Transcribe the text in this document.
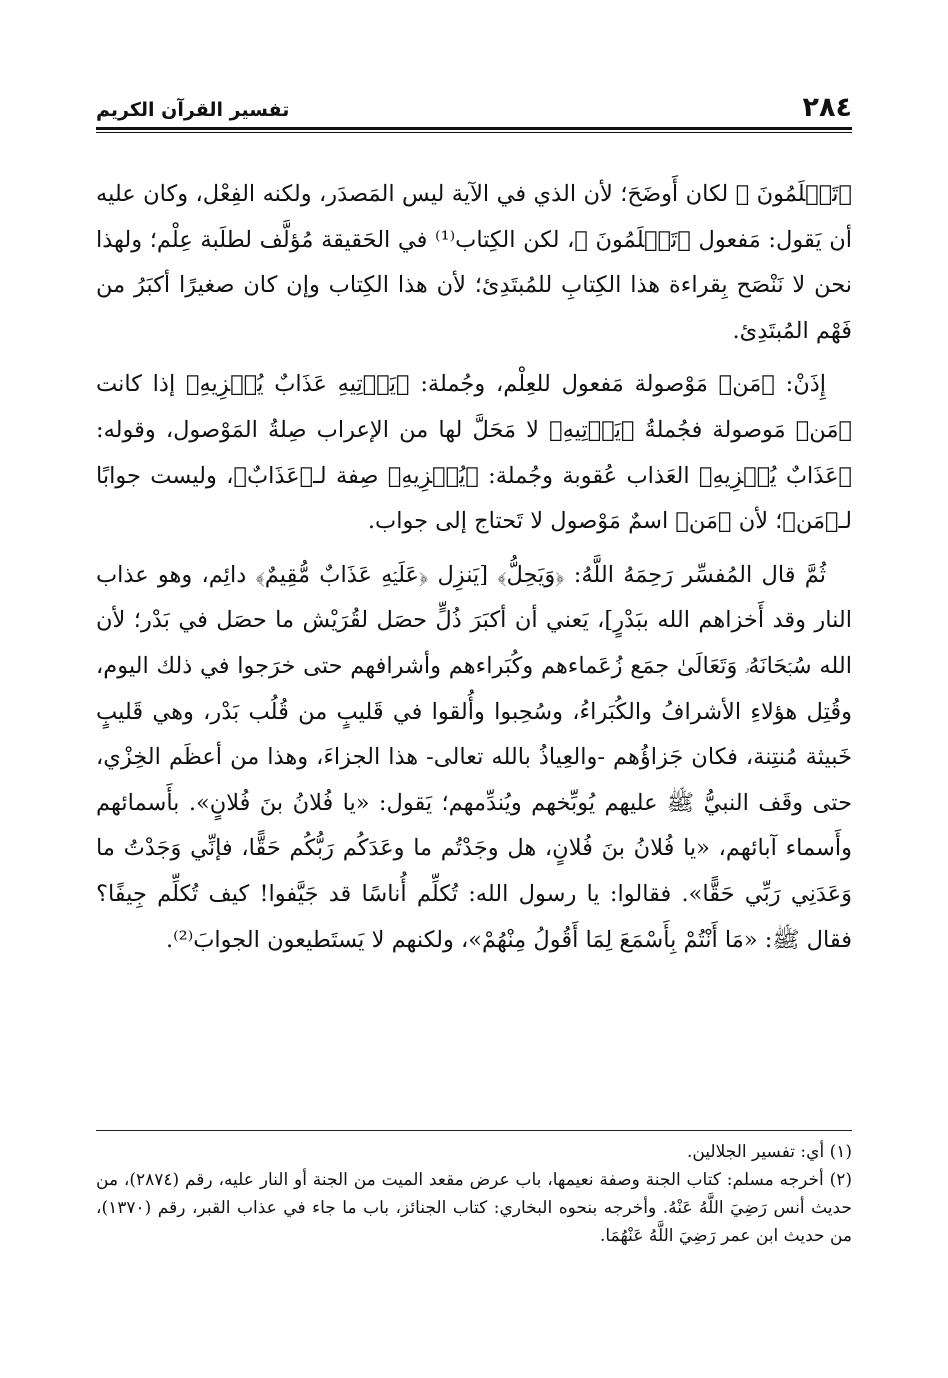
٢٨٤
تفسير القرآن الكريم

﴿تَعۡلَمُونَ ﴾ لكان أَوضَحَ؛ لأن الذي في الآية ليس المَصدَر، ولكنه الفِعْل، وكان عليه أن يَقول: مَفعول ﴿تَعۡلَمُونَ ﴾، لكن الكِتاب⁽¹⁾ في الحَقيقة مُؤلَّف لطلَبة عِلْم؛ ولهذا نحن لا نَنْصَح بِقراءة هذا الكِتابِ للمُبتَدِئ؛ لأن هذا الكِتاب وإن كان صغيرًا أكبَرُ من فَهْم المُبتَدِئ.

إِذَنْ: ﴿مَن﴾ مَوْصولة مَفعول للعِلْم، وجُملة: ﴿يَأۡتِيهِ عَذَابٌ يُخۡزِيهِ﴾ إذا كانت ﴿مَن﴾ مَوصولة فجُملةُ ﴿يَأۡتِيهِ﴾ لا مَحَلَّ لها من الإعراب صِلةُ المَوْصول، وقوله: ﴿عَذَابٌ يُخۡزِيهِ﴾ العَذاب عُقوبة وجُملة: ﴿يُخۡزِيهِ﴾ صِفة لـ﴿عَذَابٌ﴾، وليست جوابًا لـ﴿مَن﴾؛ لأن ﴿مَن﴾ اسمٌ مَوْصول لا تَحتاج إلى جواب.

ثُمَّ قال المُفسِّر رَحِمَهُ اللَّهُ: ﴿وَيَحِلُّ﴾ [يَنزِل ﴿عَلَيۡهِ عَذَابٌ مُّقِيمٌ﴾ دائِم، وهو عذاب النار وقد أَخزاهم الله ببَدْرٍ]، يَعني أن أكبَرَ ذُلٍّ حصَل لقُرَيْش ما حصَل في بَدْر؛ لأن الله سُبۡحَانَهُۥ وَتَعَالَىٰ جمَع زُعَماءهم وكُبَراءهم وأشرافهم حتى خرَجوا في ذلك اليوم، وقُتِل هؤلاءِ الأشرافُ والكُبَراءُ، وسُحِبوا وأُلقوا في قَليبٍ من قُلُب بَدْر، وهي قَليبٍ خَبيثة مُنتِنة، فكان جَزاؤُهم -والعِياذُ بالله تعالى- هذا الجزاءَ، وهذا من أعظَم الخِزْي، حتى وقَف النبيُّ ﷺ عليهم يُوبِّخهم ويُندِّمهم؛ يَقول: «يا فُلانُ بنَ فُلانٍ». بأَسمائهم وأَسماء آبائهم، «يا فُلانُ بنَ فُلانٍ، هل وجَدْتُم ما وعَدَكُم رَبُّكُم حَقًّا، فإنِّي وَجَدْتُ ما وَعَدَنِي رَبِّي حَقًّا». فقالوا: يا رسول الله: تُكلِّم أُناسًا قد جَيَّفوا! كيف تُكلِّم جِيفًا؟ فقال ﷺ: «مَا أَنْتُمْ بِأَسْمَعَ لِمَا أَقُولُ مِنْهُمْ»، ولكنهم لا يَستَطيعون الجوابَ⁽²⁾.

(١) أي: تفسير الجلالين.

(٢) أخرجه مسلم: كتاب الجنة وصفة نعيمها، باب عرض مقعد الميت من الجنة أو النار عليه، رقم (٢٨٧٤)، من حديث أنس رَضِيَ اللَّهُ عَنْهُ. وأخرجه بنحوه البخاري: كتاب الجنائز، باب ما جاء في عذاب القبر، رقم (١٣٧٠)، من حديث ابن عمر رَضِيَ اللَّهُ عَنْهُمَا.
